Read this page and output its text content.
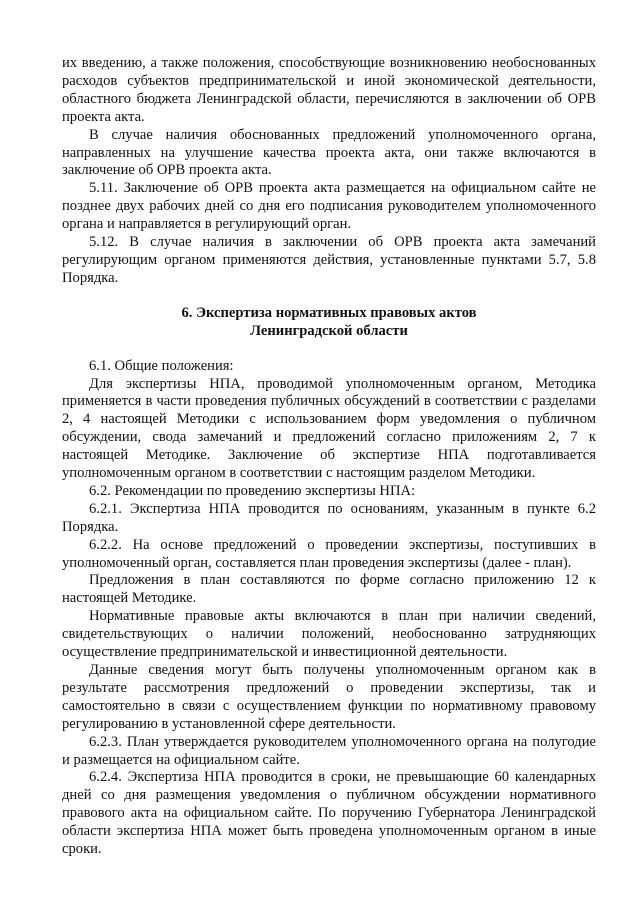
их введению, а также положения, способствующие возникновению необоснованных расходов субъектов предпринимательской и иной экономической деятельности, областного бюджета Ленинградской области, перечисляются в заключении об ОРВ проекта акта.

В случае наличия обоснованных предложений уполномоченного органа, направленных на улучшение качества проекта акта, они также включаются в заключение об ОРВ проекта акта.

5.11. Заключение об ОРВ проекта акта размещается на официальном сайте не позднее двух рабочих дней со дня его подписания руководителем уполномоченного органа и направляется в регулирующий орган.

5.12. В случае наличия в заключении об ОРВ проекта акта замечаний регулирующим органом применяются действия, установленные пунктами 5.7, 5.8 Порядка.

6. Экспертиза нормативных правовых актов

Ленинградской области

6.1. Общие положения:

Для экспертизы НПА, проводимой уполномоченным органом, Методика применяется в части проведения публичных обсуждений в соответствии с разделами 2, 4 настоящей Методики с использованием форм уведомления о публичном обсуждении, свода замечаний и предложений согласно приложениям 2, 7 к настоящей Методике. Заключение об экспертизе НПА подготавливается уполномоченным органом в соответствии с настоящим разделом Методики.

6.2. Рекомендации по проведению экспертизы НПА:

6.2.1. Экспертиза НПА проводится по основаниям, указанным в пункте 6.2 Порядка.

6.2.2. На основе предложений о проведении экспертизы, поступивших в уполномоченный орган, составляется план проведения экспертизы (далее - план).

Предложения в план составляются по форме согласно приложению 12 к настоящей Методике.

Нормативные правовые акты включаются в план при наличии сведений, свидетельствующих о наличии положений, необоснованно затрудняющих осуществление предпринимательской и инвестиционной деятельности.

Данные сведения могут быть получены уполномоченным органом как в результате рассмотрения предложений о проведении экспертизы, так и самостоятельно в связи с осуществлением функции по нормативному правовому регулированию в установленной сфере деятельности.

6.2.3. План утверждается руководителем уполномоченного органа на полугодие и размещается на официальном сайте.

6.2.4. Экспертиза НПА проводится в сроки, не превышающие 60 календарных дней со дня размещения уведомления о публичном обсуждении нормативного правового акта на официальном сайте. По поручению Губернатора Ленинградской области экспертиза НПА может быть проведена уполномоченным органом в иные сроки.
